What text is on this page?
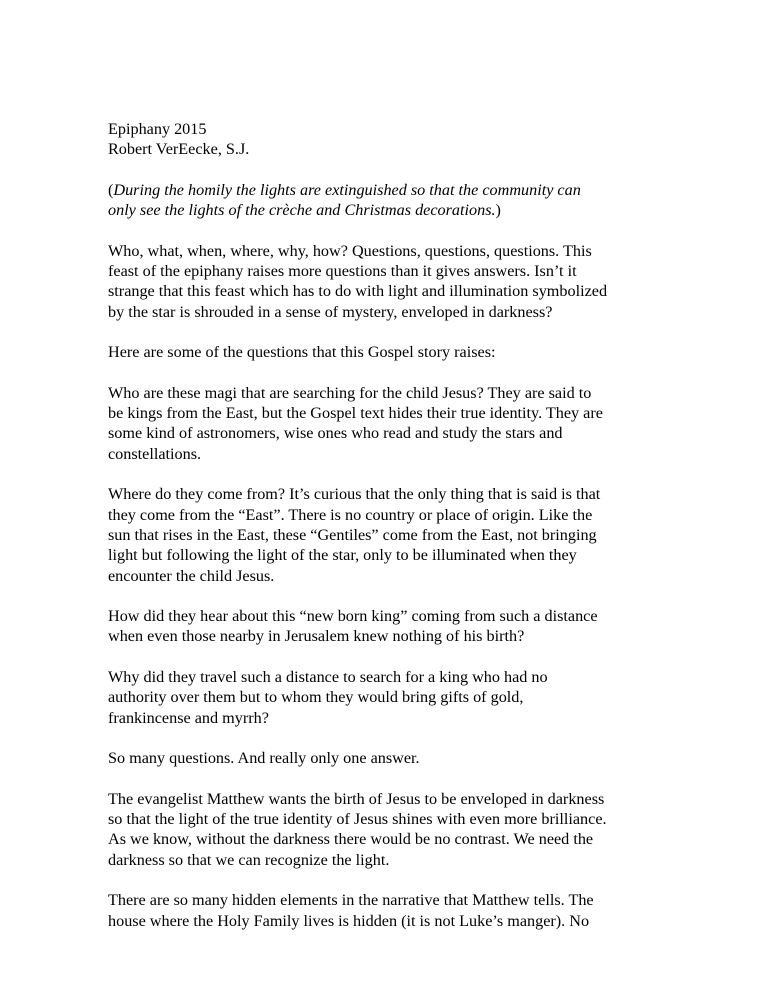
Epiphany 2015
Robert VerEecke, S.J.

(During the homily the lights are extinguished so that the community can
only see the lights of the crèche and Christmas decorations.)

Who, what, when, where, why, how? Questions, questions, questions. This
feast of the epiphany raises more questions than it gives answers. Isn’t it
strange that this feast which has to do with light and illumination symbolized
by the star is shrouded in a sense of mystery, enveloped in darkness?

Here are some of the questions that this Gospel story raises:

Who are these magi that are searching for the child Jesus? They are said to
be kings from the East, but the Gospel text hides their true identity. They are
some kind of astronomers, wise ones who read and study the stars and
constellations.

Where do they come from? It’s curious that the only thing that is said is that
they come from the “East”. There is no country or place of origin. Like the
sun that rises in the East, these “Gentiles” come from the East, not bringing
light but following the light of the star, only to be illuminated when they
encounter the child Jesus.

How did they hear about this “new born king” coming from such a distance
when even those nearby in Jerusalem knew nothing of his birth?

Why did they travel such a distance to search for a king who had no
authority over them but to whom they would bring gifts of gold,
frankincense and myrrh?

So many questions. And really only one answer.

The evangelist Matthew wants the birth of Jesus to be enveloped in darkness
so that the light of the true identity of Jesus shines with even more brilliance.
As we know, without the darkness there would be no contrast. We need the
darkness so that we can recognize the light.

There are so many hidden elements in the narrative that Matthew tells. The
house where the Holy Family lives is hidden (it is not Luke’s manger). No
